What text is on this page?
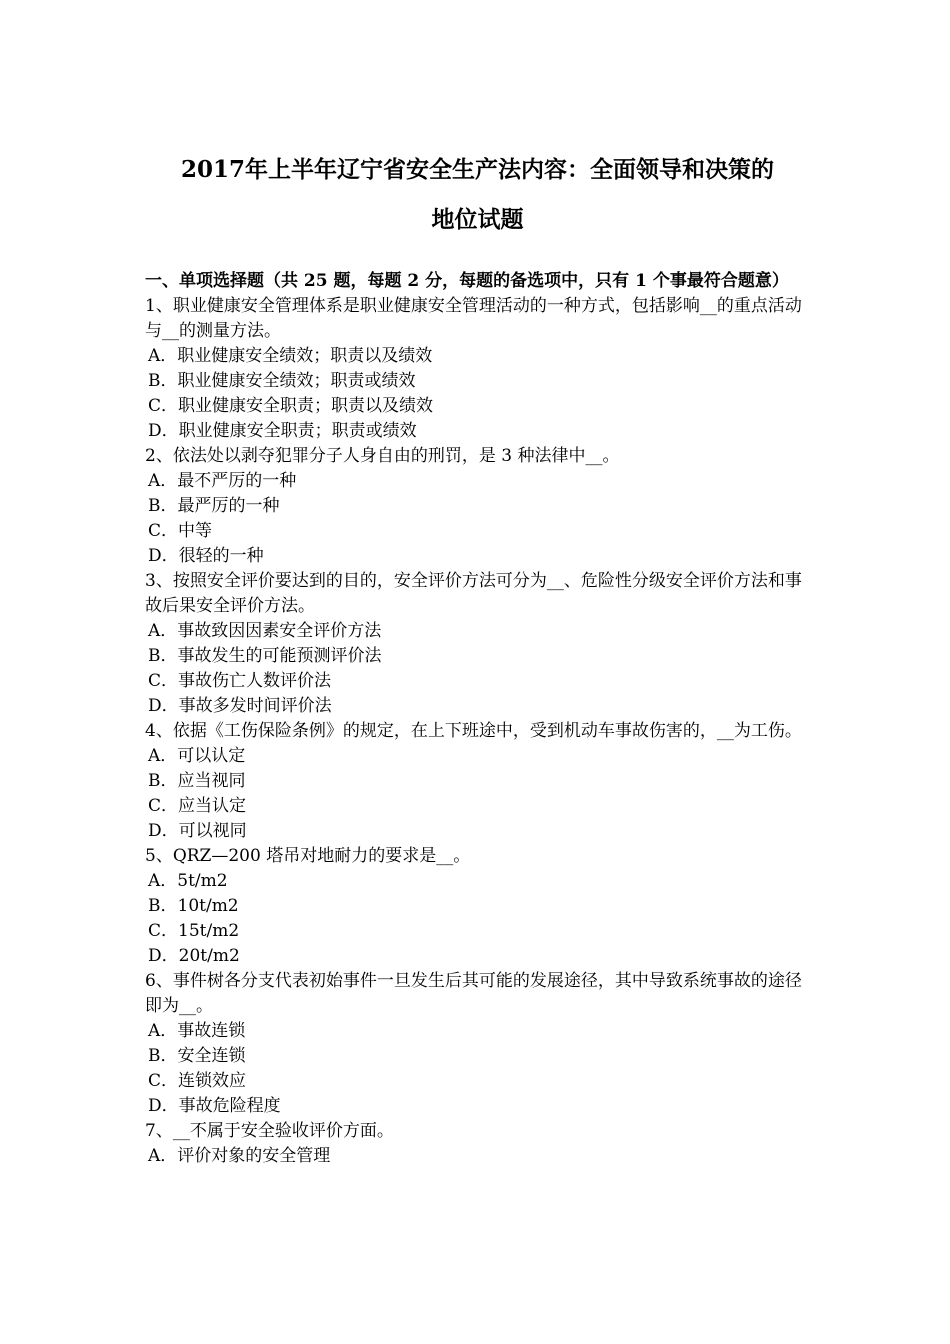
2017年上半年辽宁省安全生产法内容：全面领导和决策的
地位试题
一、单项选择题（共 25 题，每题 2 分，每题的备选项中，只有 1 个事最符合题意）

1、职业健康安全管理体系是职业健康安全管理活动的一种方式，包括影响__的重点活动与__的测量方法。

A．职业健康安全绩效；职责以及绩效
B．职业健康安全绩效；职责或绩效
C．职业健康安全职责；职责以及绩效
D．职业健康安全职责；职责或绩效

2、依法处以剥夺犯罪分子人身自由的刑罚，是 3 种法律中__。

A．最不严厉的一种
B．最严厉的一种
C．中等
D．很轻的一种

3、按照安全评价要达到的目的，安全评价方法可分为__、危险性分级安全评价方法和事故后果安全评价方法。

A．事故致因因素安全评价方法
B．事故发生的可能预测评价法
C．事故伤亡人数评价法
D．事故多发时间评价法

4、依据《工伤保险条例》的规定，在上下班途中，受到机动车事故伤害的，__为工伤。

A．可以认定
B．应当视同
C．应当认定
D．可以视同

5、QRZ—200 塔吊对地耐力的要求是__。

A．5t/m2
B．10t/m2
C．15t/m2
D．20t/m2

6、事件树各分支代表初始事件一旦发生后其可能的发展途径，其中导致系统事故的途径即为__。

A．事故连锁
B．安全连锁
C．连锁效应
D．事故危险程度

7、__不属于安全验收评价方面。

A．评价对象的安全管理
